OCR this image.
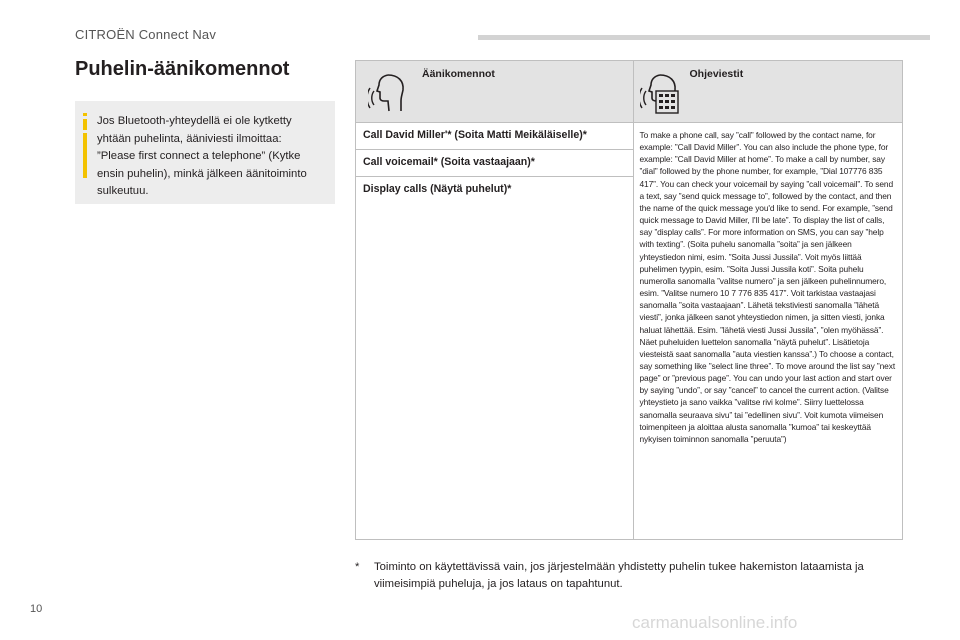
CITROËN Connect Nav
Puhelin-äänikomennot

Jos Bluetooth-yhteydellä ei ole kytketty yhtään puhelinta, ääniviesti ilmoittaa: ”Please first connect a telephone” (Kytke ensin puhelin), minkä jälkeen äänitoiminto sulkeutuu.

Äänikomennot	Ohjeviestit

Call David Miller'* (Soita Matti Meikäläiselle)*	To make a phone call, say ”call” followed by the contact name, for example: ”Call David Miller”. You can also include the phone type, for example: ”Call David Miller at home”. To make a call by number, say ”dial” followed by the phone number, for example, ”Dial 107776 835 417”. You can check your voicemail by saying ”call voicemail”. To send a text, say ”send quick message to”, followed by the contact, and then the name of the quick message you'd like to send. For example, ”send quick message to David Miller, I'll be late”. To display the list of calls, say ”display calls”. For more information on SMS, you can say ”help with texting”. (Soita puhelu sanomalla ”soita” ja sen jälkeen yhteystiedon nimi, esim. ”Soita Jussi Jussila”. Voit myös liittää puhelimen tyypin, esim. ”Soita Jussi Jussila koti”. Soita puhelu numerolla sanomalla ”valitse numero” ja sen jälkeen puhelinnumero, esim. ”Valitse numero 10 7 776 835 417”. Voit tarkistaa vastaajasi sanomalla ”soita vastaajaan”. Lähetä tekstiviesti sanomalla ”lähetä viesti”, jonka jälkeen sanot yhteystiedon nimen, ja sitten viesti, jonka haluat lähettää. Esim. ”lähetä viesti Jussi Jussila”, ”olen myöhässä”. Näet puheluiden luettelon sanomalla ”näytä puhelut”. Lisätietoja viesteistä saat sanomalla ”auta viestien kanssa”.) To choose a contact, say something like ”select line three”. To move around the list say ”next page” or ”previous page”. You can undo your last action and start over by saying ”undo”, or say ”cancel” to cancel the current action. (Valitse yhteystieto ja sano vaikka ”valitse rivi kolme”. Siirry luettelossa sanomalla seuraava sivu” tai ”edellinen sivu”. Voit kumota viimeisen toimenpiteen ja aloittaa alusta sanomalla ”kumoa” tai keskeyttää nykyisen toiminnon sanomalla ”peruuta”)
Call voicemail* (Soita vastaajaan)*	
Display calls (Näytä puhelut)*	
*	Toiminto on käytettävissä vain, jos järjestelmään yhdistetty puhelin tukee hakemiston lataamista ja viimeisimpiä puheluja, ja jos lataus on tapahtunut.

10
carmanualsonline.info
